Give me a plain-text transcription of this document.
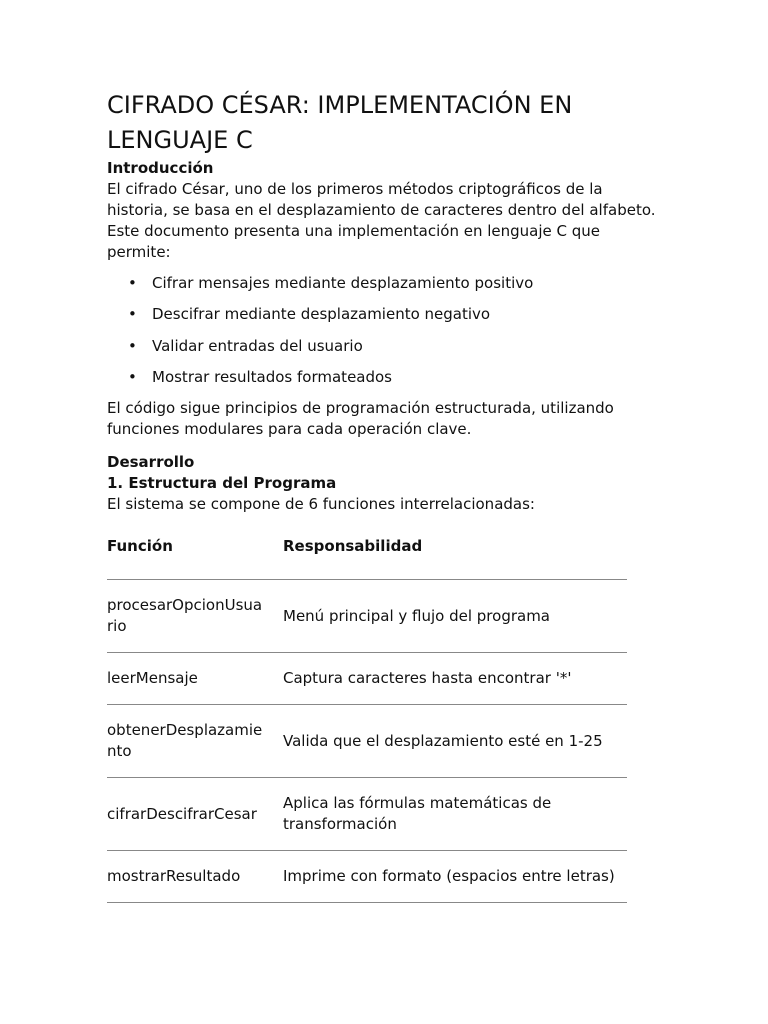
CIFRADO CÉSAR: IMPLEMENTACIÓN EN LENGUAJE C
Introducción

El cifrado César, uno de los primeros métodos criptográficos de la historia, se basa en el desplazamiento de caracteres dentro del alfabeto. Este documento presenta una implementación en lenguaje C que permite:

• Cifrar mensajes mediante desplazamiento positivo
• Descifrar mediante desplazamiento negativo
• Validar entradas del usuario
• Mostrar resultados formateados

El código sigue principios de programación estructurada, utilizando funciones modulares para cada operación clave.

Desarrollo
1. Estructura del Programa

El sistema se compone de 6 funciones interrelacionadas:

Función	Responsabilidad

procesarOpcionUsuario	Menú principal y flujo del programa

leerMensaje	Captura caracteres hasta encontrar '*'

obtenerDesplazamiento	Valida que el desplazamiento esté en 1-25

cifrarDescifrarCesar	Aplica las fórmulas matemáticas de transformación

mostrarResultado	Imprime con formato (espacios entre letras)
